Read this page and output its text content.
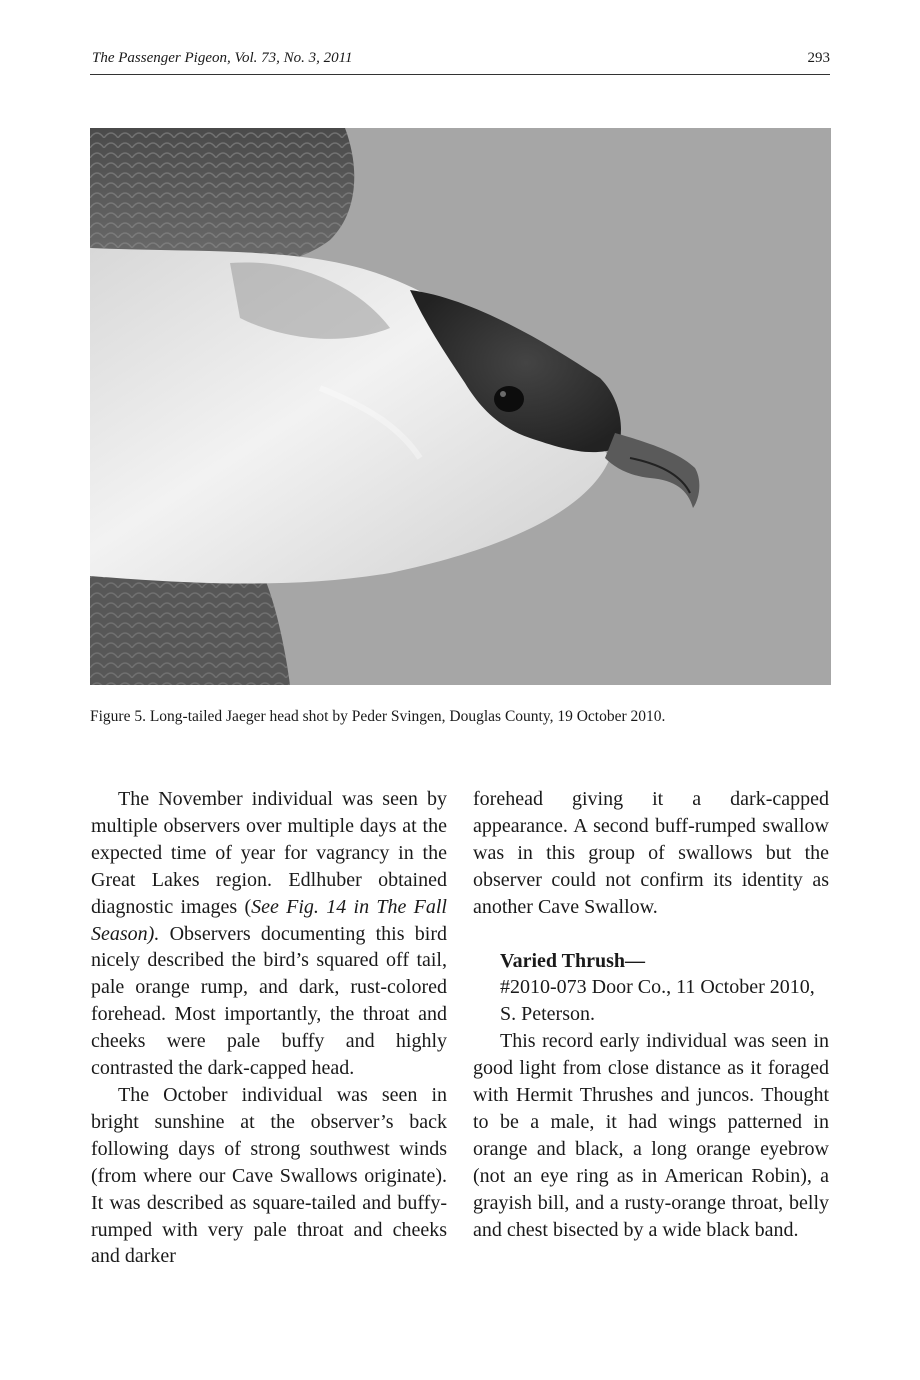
The Passenger Pigeon, Vol. 73, No. 3, 2011	293
Figure 5. Long-tailed Jaeger head shot by Peder Svingen, Douglas County, 19 October 2010.

The November individual was seen by multiple observers over multiple days at the expected time of year for vagrancy in the Great Lakes region. Edlhuber obtained diagnostic images (See Fig. 14 in The Fall Season). Observers documenting this bird nicely described the bird’s squared off tail, pale orange rump, and dark, rust-colored forehead. Most importantly, the throat and cheeks were pale buffy and highly contrasted the dark-capped head.

The October individual was seen in bright sunshine at the observer’s back following days of strong southwest winds (from where our Cave Swallows originate). It was described as square-tailed and buffy-rumped with very pale throat and cheeks and darker

forehead giving it a dark-capped appearance. A second buff-rumped swallow was in this group of swallows but the observer could not confirm its identity as another Cave Swallow.

Varied Thrush—

#2010-073 Door Co., 11 October 2010,

S. Peterson.

This record early individual was seen in good light from close distance as it foraged with Hermit Thrushes and juncos. Thought to be a male, it had wings patterned in orange and black, a long orange eyebrow (not an eye ring as in American Robin), a grayish bill, and a rusty-orange throat, belly and chest bisected by a wide black band.
